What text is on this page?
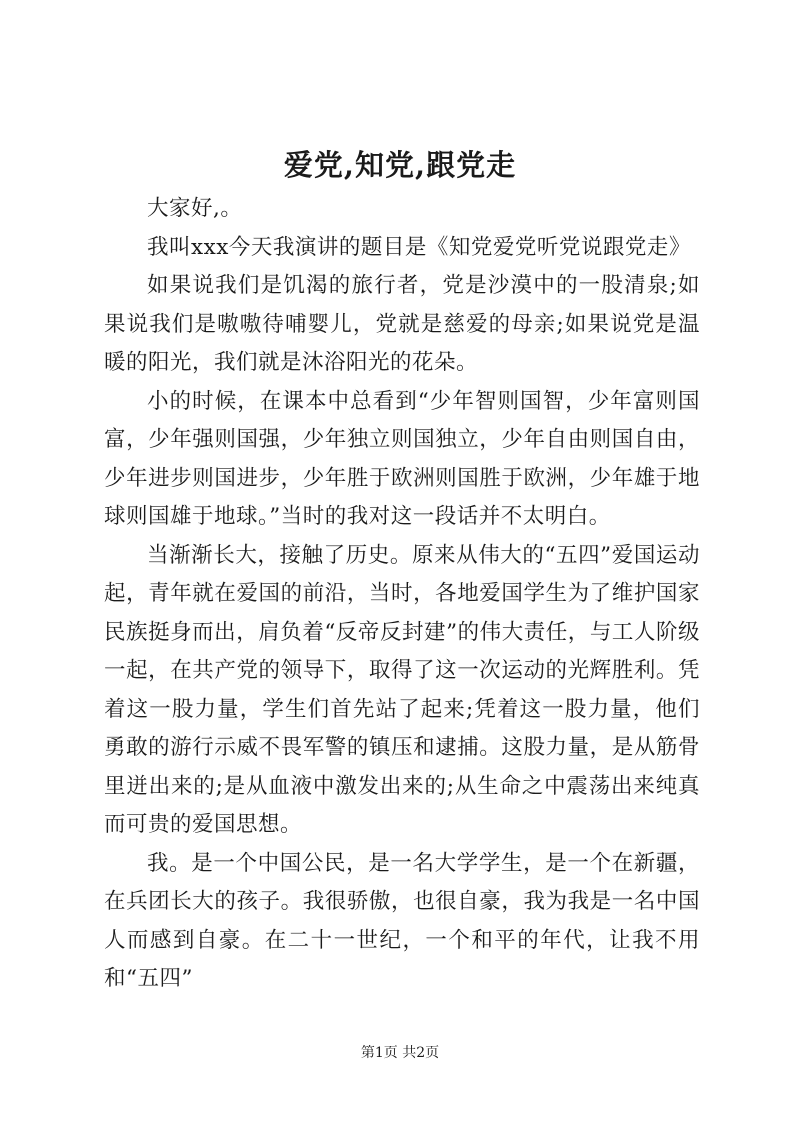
爱党,知党,跟党走

大家好,。

我叫xxx今天我演讲的题目是《知党爱党听党说跟党走》

如果说我们是饥渴的旅行者，党是沙漠中的一股清泉;如果说我们是嗷嗷待哺婴儿，党就是慈爱的母亲;如果说党是温暖的阳光，我们就是沐浴阳光的花朵。

小的时候，在课本中总看到“少年智则国智，少年富则国富，少年强则国强，少年独立则国独立，少年自由则国自由，少年进步则国进步，少年胜于欧洲则国胜于欧洲，少年雄于地球则国雄于地球。”当时的我对这一段话并不太明白。

当渐渐长大，接触了历史。原来从伟大的“五四”爱国运动起，青年就在爱国的前沿，当时，各地爱国学生为了维护国家民族挺身而出，肩负着“反帝反封建”的伟大责任，与工人阶级一起，在共产党的领导下，取得了这一次运动的光辉胜利。凭着这一股力量，学生们首先站了起来;凭着这一股力量，他们勇敢的游行示威不畏军警的镇压和逮捕。这股力量，是从筋骨里迸出来的;是从血液中激发出来的;从生命之中震荡出来纯真而可贵的爱国思想。

我。是一个中国公民，是一名大学学生，是一个在新疆，在兵团长大的孩子。我很骄傲，也很自豪，我为我是一名中国人而感到自豪。在二十一世纪，一个和平的年代，让我不用和“五四”

第1页 共2页
